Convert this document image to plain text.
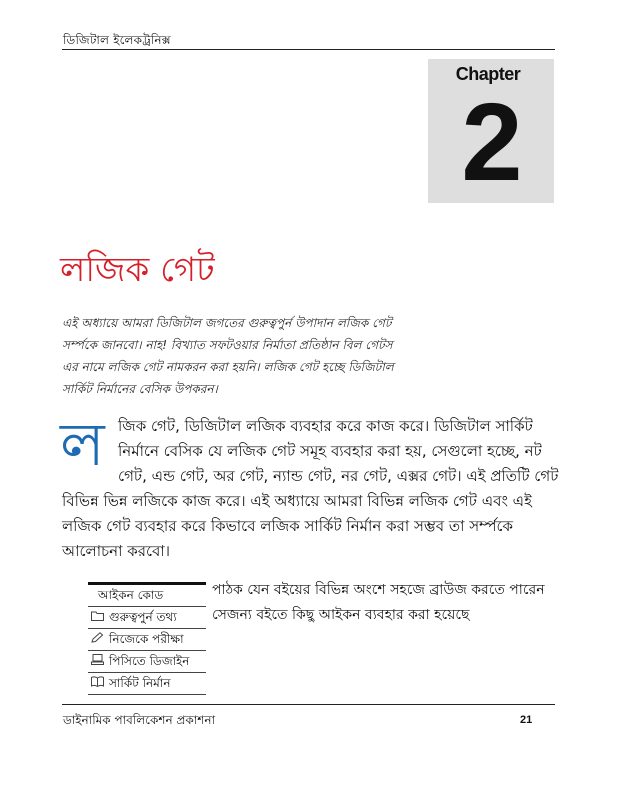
ডিজিটাল ইলেকট্রনিক্স
Chapter
2
লজিক গেট
এই অধ্যায়ে আমরা ডিজিটাল জগতের গুরুত্বপুর্ন উপাদান লজিক গেট
সর্ম্পকে জানবো। নাহ! বিখ্যাত সফটওয়ার নির্মাতা প্রতিষ্ঠান বিল গেটস
এর নামে লজিক গেট নামকরন করা হয়নি। লজিক গেট হচ্ছে ডিজিটাল
সার্কিট নির্মানের বেসিক উপকরন।
ল জিক গেট, ডিজিটাল লজিক ব্যবহার করে কাজ করে। ডিজিটাল সার্কিট
নির্মানে বেসিক যে লজিক গেট সমূহ ব্যবহার করা হয়, সেগুলো হচ্ছে, নট
গেট, এন্ড গেট, অর গেট, ন্যান্ড গেট, নর গেট, এক্সর গেট। এই প্রতিটি গেট
বিভিন্ন ভিন্ন লজিকে কাজ করে। এই অধ্যায়ে আমরা বিভিন্ন লজিক গেট এবং এই
লজিক গেট ব্যবহার করে কিভাবে লজিক সার্কিট নির্মান করা সম্ভব তা সর্ম্পকে
আলোচনা করবো।
আইকন কোড
গুরুত্বপুর্ন তথ্য
নিজেকে পরীক্ষা
পিসিতে ডিজাইন
সার্কিট নির্মান
পাঠক যেন বইয়ের বিভিন্ন অংশে সহজে ব্রাউজ করতে পারেন
সেজন্য বইতে কিছু আইকন ব্যবহার করা হয়েছে
ডাইনামিক পাবলিকেশন প্রকাশনা	21
